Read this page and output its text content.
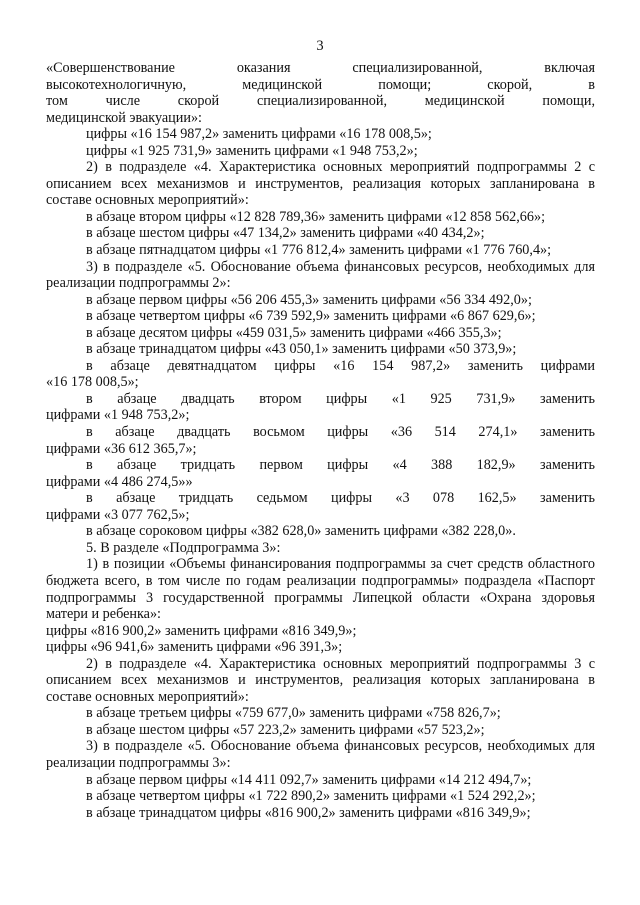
3

«Совершенствование оказания специализированной, включая
высокотехнологичную, медицинской помощи; скорой, в
том числе скорой специализированной, медицинской помощи,
медицинской эвакуации»:

цифры «16 154 987,2» заменить цифрами «16 178 008,5»;

цифры «1 925 731,9» заменить цифрами «1 948 753,2»;

2) в подразделе «4. Характеристика основных мероприятий подпрограммы 2 с описанием всех механизмов и инструментов, реализация которых запланирована в составе основных мероприятий»:

в абзаце втором цифры «12 828 789,36» заменить цифрами «12 858 562,66»;

в абзаце шестом цифры «47 134,2» заменить цифрами «40 434,2»;

в абзаце пятнадцатом цифры «1 776 812,4» заменить цифрами «1 776 760,4»;

3) в подразделе «5. Обоснование объема финансовых ресурсов, необходимых для реализации подпрограммы 2»:

в абзаце первом цифры «56 206 455,3» заменить цифрами «56 334 492,0»;

в абзаце четвертом цифры «6 739 592,9» заменить цифрами «6 867 629,6»;

в абзаце десятом цифры «459 031,5» заменить цифрами «466 355,3»;

в абзаце тринадцатом цифры «43 050,1» заменить цифрами «50 373,9»;

в абзаце девятнадцатом цифры «16 154 987,2» заменить цифрами
«16 178 008,5»;

в абзаце двадцать втором цифры «1 925 731,9» заменить
цифрами «1 948 753,2»;

в абзаце двадцать восьмом цифры «36 514 274,1» заменить
цифрами «36 612 365,7»;

в абзаце тридцать первом цифры «4 388 182,9» заменить
цифрами «4 486 274,5»»

в абзаце тридцать седьмом цифры «3 078 162,5» заменить
цифрами «3 077 762,5»;

в абзаце сороковом цифры «382 628,0» заменить цифрами «382 228,0».

5. В разделе «Подпрограмма 3»:

1) в позиции «Объемы финансирования подпрограммы за счет средств областного бюджета всего, в том числе по годам реализации подпрограммы» подраздела «Паспорт подпрограммы 3 государственной программы Липецкой области «Охрана здоровья матери и ребенка»:

цифры «816 900,2» заменить цифрами «816 349,9»;

цифры «96 941,6» заменить цифрами «96 391,3»;

2) в подразделе «4. Характеристика основных мероприятий подпрограммы 3 с описанием всех механизмов и инструментов, реализация которых запланирована в составе основных мероприятий»:

в абзаце третьем цифры «759 677,0» заменить цифрами «758 826,7»;

в абзаце шестом цифры «57 223,2» заменить цифрами «57 523,2»;

3) в подразделе «5. Обоснование объема финансовых ресурсов, необходимых для реализации подпрограммы 3»:

в абзаце первом цифры «14 411 092,7» заменить цифрами «14 212 494,7»;

в абзаце четвертом цифры «1 722 890,2» заменить цифрами «1 524 292,2»;

в абзаце тринадцатом цифры «816 900,2» заменить цифрами «816 349,9»;
